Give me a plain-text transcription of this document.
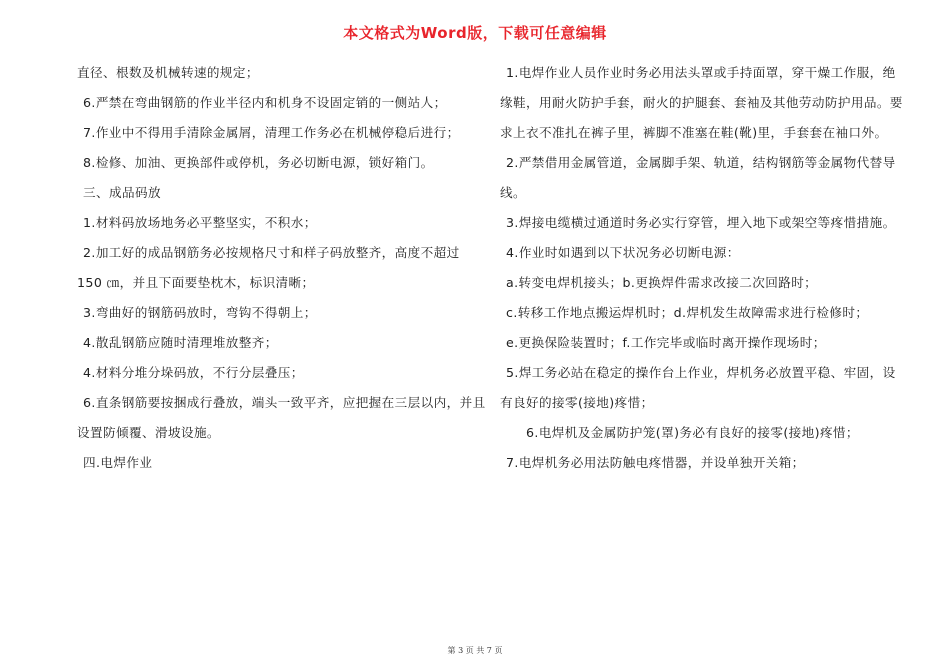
本文格式为Word版，下载可任意编辑
直径、根数及机械转速的规定；
6.严禁在弯曲钢筋的作业半径内和机身不设固定销的一侧站人；
7.作业中不得用手清除金属屑，清理工作务必在机械停稳后进行；
8.检修、加油、更换部件或停机，务必切断电源，锁好箱门。
三、成品码放
1.材料码放场地务必平整坚实，不积水；
2.加工好的成品钢筋务必按规格尺寸和样子码放整齐，高度不超过
150 ㎝，并且下面要垫枕木，标识清晰；
3.弯曲好的钢筋码放时，弯钩不得朝上；
4.散乱钢筋应随时清理堆放整齐；
4.材料分堆分垛码放，不行分层叠压；
6.直条钢筋要按捆成行叠放，端头一致平齐，应把握在三层以内，并且
设置防倾覆、滑坡设施。
四.电焊作业
1.电焊作业人员作业时务必用法头罩或手持面罩，穿干燥工作服，绝
缘鞋，用耐火防护手套，耐火的护腿套、套袖及其他劳动防护用品。要
求上衣不准扎在裤子里，裤脚不准塞在鞋(靴)里，手套套在袖口外。
2.严禁借用金属管道，金属脚手架、轨道，结构钢筋等金属物代替导
线。
3.焊接电缆横过通道时务必实行穿管，埋入地下或架空等疼惜措施。
4.作业时如遇到以下状况务必切断电源：
a.转变电焊机接头；b.更换焊件需求改接二次回路时；
c.转移工作地点搬运焊机时；d.焊机发生故障需求进行检修时；
e.更换保险装置时；f.工作完毕或临时离开操作现场时；
5.焊工务必站在稳定的操作台上作业，焊机务必放置平稳、牢固，设
有良好的接零(接地)疼惜；
6.电焊机及金属防护笼(罩)务必有良好的接零(接地)疼惜；
7.电焊机务必用法防触电疼惜器，并设单独开关箱；
第 3 页 共 7 页
